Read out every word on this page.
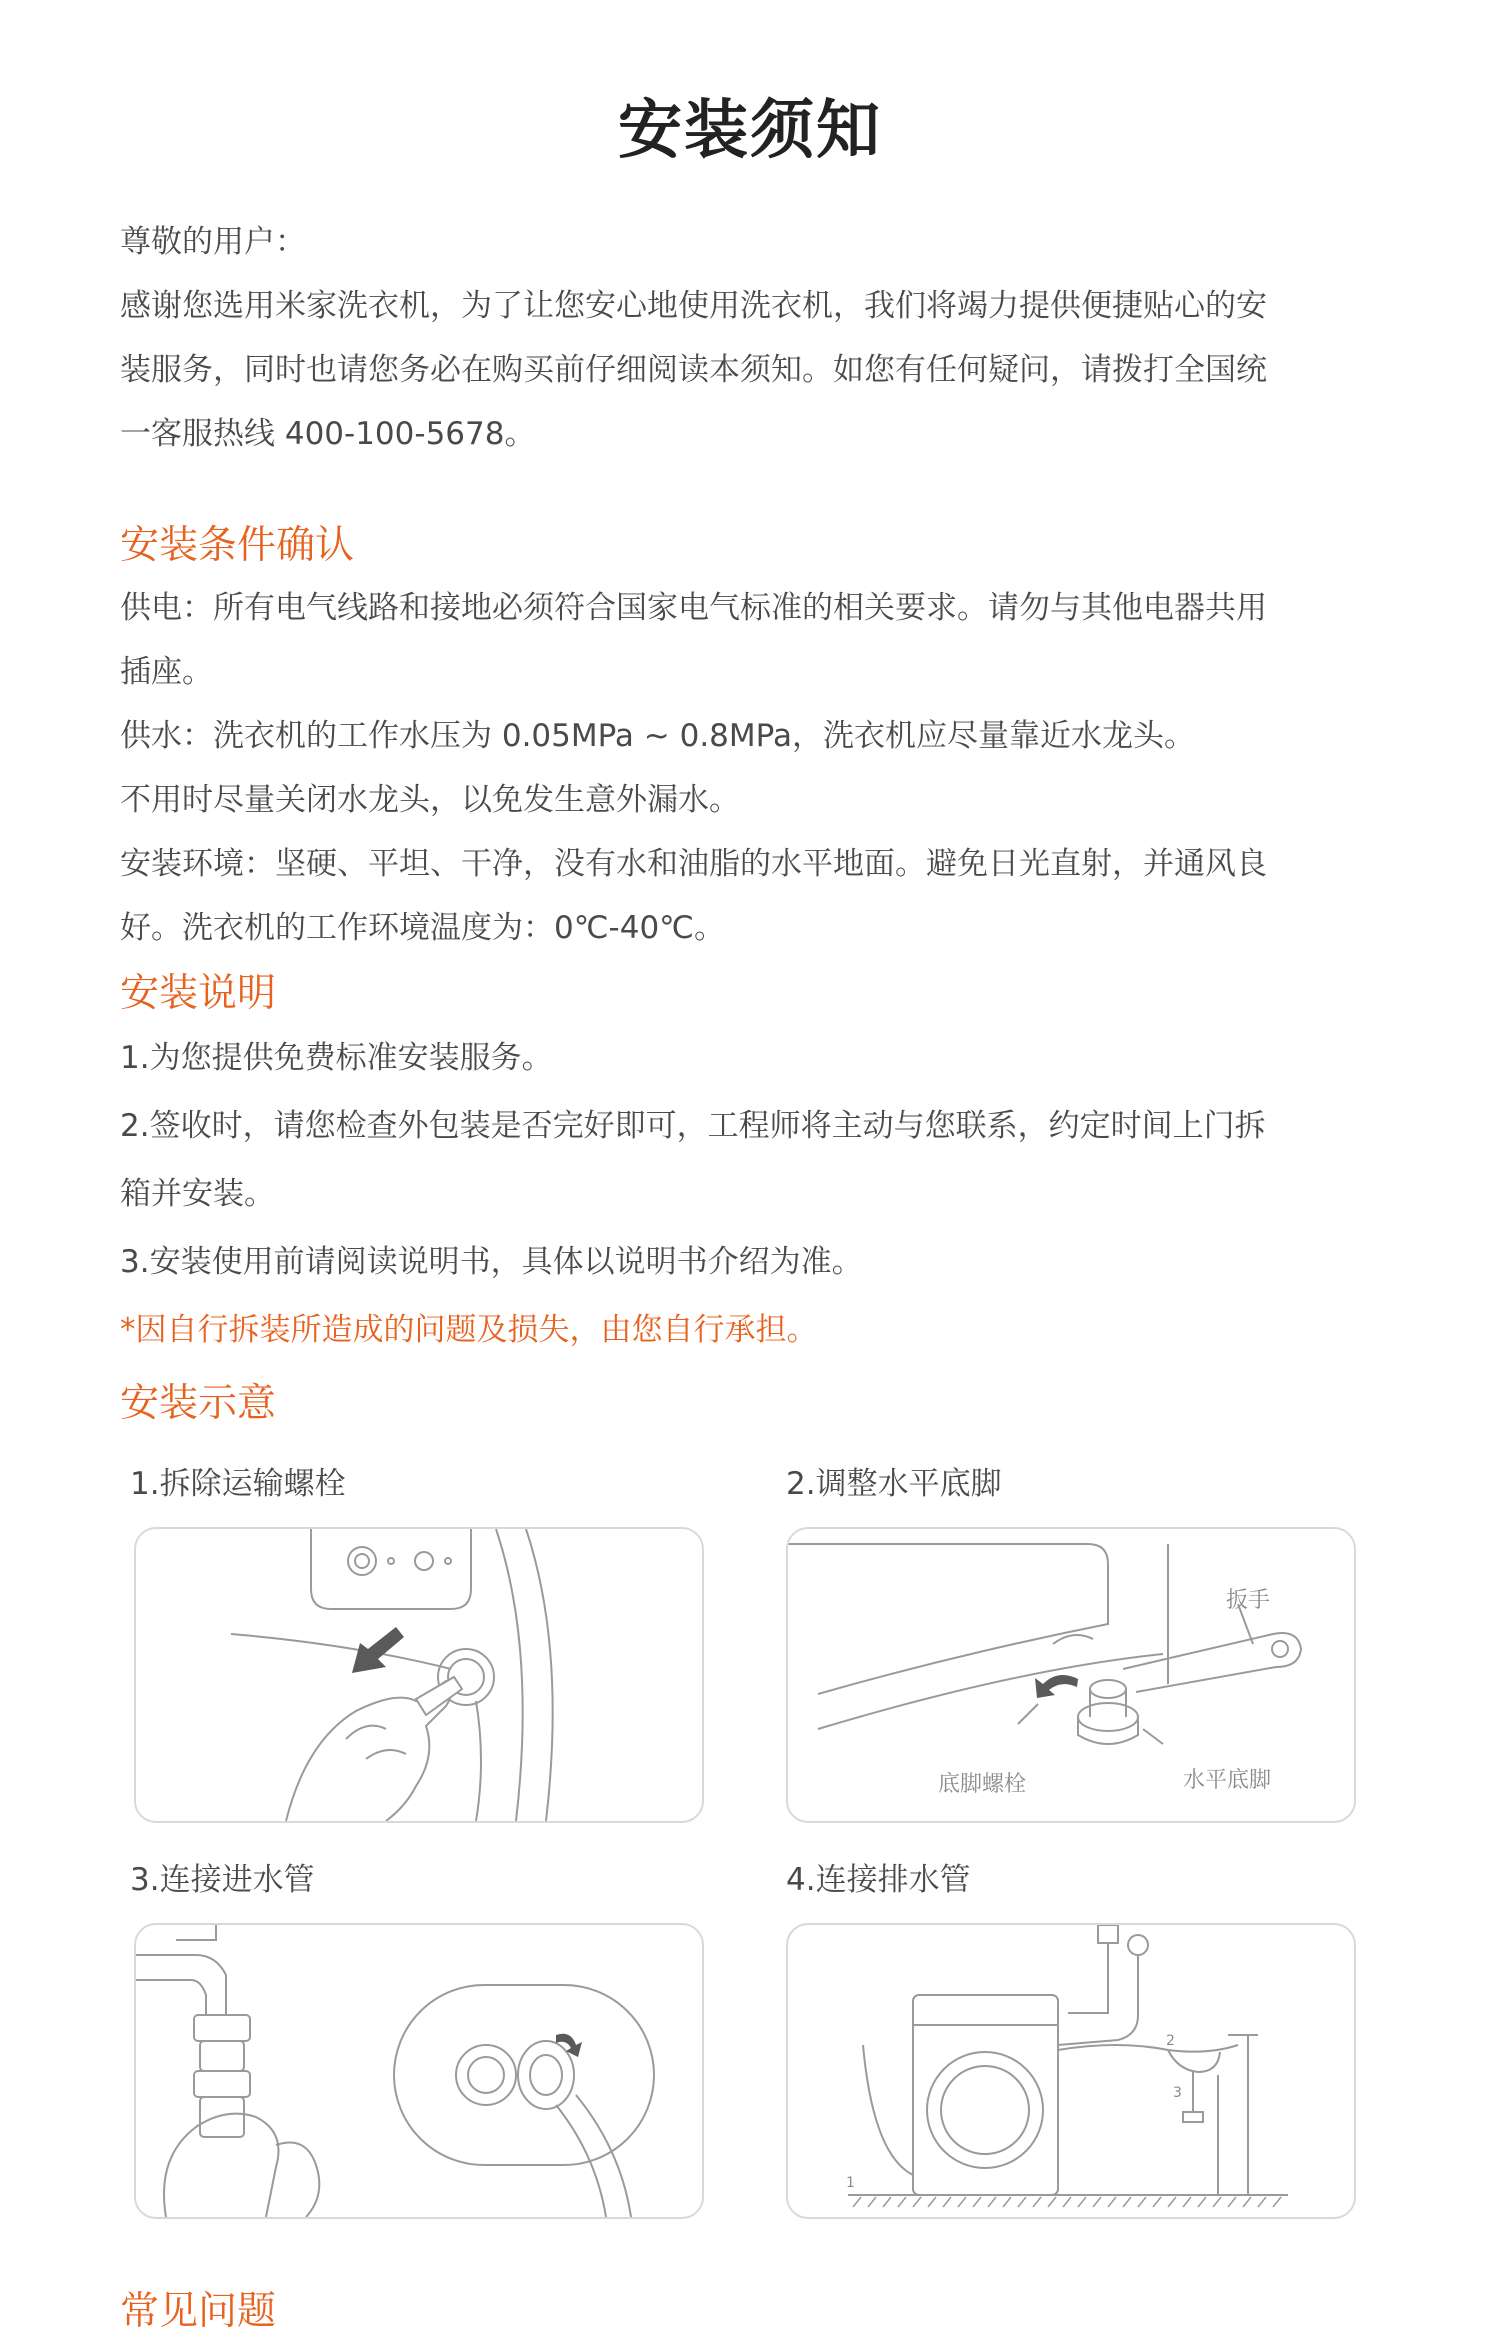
安装须知

尊敬的用户：

感谢您选用米家洗衣机，为了让您安心地使用洗衣机，我们将竭力提供便捷贴心的安

装服务，同时也请您务必在购买前仔细阅读本须知。如您有任何疑问，请拨打全国统

一客服热线 400-100-5678。

安装条件确认

供电：所有电气线路和接地必须符合国家电气标准的相关要求。请勿与其他电器共用

插座。

供水：洗衣机的工作水压为 0.05MPa ~ 0.8MPa，洗衣机应尽量靠近水龙头。

不用时尽量关闭水龙头，以免发生意外漏水。

安装环境：坚硬、平坦、干净，没有水和油脂的水平地面。避免日光直射，并通风良

好。洗衣机的工作环境温度为：0℃-40℃。

安装说明

1.为您提供免费标准安装服务。

2.签收时，请您检查外包装是否完好即可，工程师将主动与您联系，约定时间上门拆

箱并安装。

3.安装使用前请阅读说明书，具体以说明书介绍为准。

*因自行拆装所造成的问题及损失，由您自行承担。

安装示意

1.拆除运输螺栓	2.调整水平底脚

扳手
底脚螺栓	水平底脚

3.连接进水管	4.连接排水管

1
2
3
常见问题
